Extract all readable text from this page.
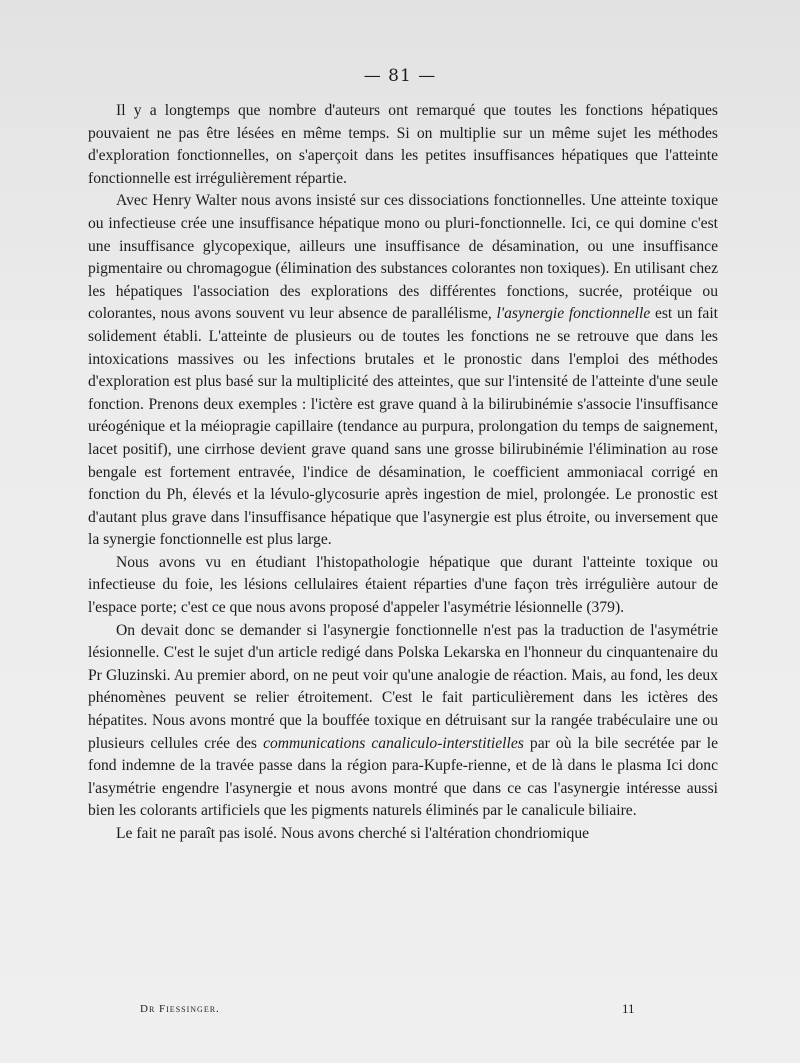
— 81 —

Il y a longtemps que nombre d'auteurs ont remarqué que toutes les fonctions hépatiques pouvaient ne pas être lésées en même temps. Si on multiplie sur un même sujet les méthodes d'exploration fonctionnelles, on s'aperçoit dans les petites insuffisances hépatiques que l'atteinte fonctionnelle est irrégulièrement répartie.

Avec Henry Walter nous avons insisté sur ces dissociations fonctionnelles. Une atteinte toxique ou infectieuse crée une insuffisance hépatique mono ou pluri-fonctionnelle. Ici, ce qui domine c'est une insuffisance glycopexique, ailleurs une insuffisance de désamination, ou une insuffisance pigmentaire ou chromagogue (élimination des substances colorantes non toxiques). En utilisant chez les hépatiques l'association des explorations des différentes fonctions, sucrée, protéique ou colorantes, nous avons souvent vu leur absence de parallélisme, l'asynergie fonctionnelle est un fait solidement établi. L'atteinte de plusieurs ou de toutes les fonctions ne se retrouve que dans les intoxications massives ou les infections brutales et le pronostic dans l'emploi des méthodes d'exploration est plus basé sur la multiplicité des atteintes, que sur l'intensité de l'atteinte d'une seule fonction. Prenons deux exemples : l'ictère est grave quand à la bilirubinémie s'associe l'insuffisance uréogénique et la méiopragie capillaire (tendance au purpura, prolongation du temps de saignement, lacet positif), une cirrhose devient grave quand sans une grosse bilirubinémie l'élimination au rose bengale est fortement entravée, l'indice de désamination, le coefficient ammoniacal corrigé en fonction du Ph, élevés et la lévulo-glycosurie après ingestion de miel, prolongée. Le pronostic est d'autant plus grave dans l'insuffisance hépatique que l'asynergie est plus étroite, ou inversement que la synergie fonctionnelle est plus large.

Nous avons vu en étudiant l'histopathologie hépatique que durant l'atteinte toxique ou infectieuse du foie, les lésions cellulaires étaient réparties d'une façon très irrégulière autour de l'espace porte; c'est ce que nous avons proposé d'appeler l'asymétrie lésionnelle (379).

On devait donc se demander si l'asynergie fonctionnelle n'est pas la traduction de l'asymétrie lésionnelle. C'est le sujet d'un article redigé dans Polska Lekarska en l'honneur du cinquantenaire du Pr Gluzinski. Au premier abord, on ne peut voir qu'une analogie de réaction. Mais, au fond, les deux phénomènes peuvent se relier étroitement. C'est le fait particulièrement dans les ictères des hépatites. Nous avons montré que la bouffée toxique en détruisant sur la rangée trabéculaire une ou plusieurs cellules crée des communications canaliculo-interstitielles par où la bile secrétée par le fond indemne de la travée passe dans la région para-Kupfe-rienne, et de là dans le plasma Ici donc l'asymétrie engendre l'asynergie et nous avons montré que dans ce cas l'asynergie intéresse aussi bien les colorants artificiels que les pigments naturels éliminés par le canalicule biliaire.

Le fait ne paraît pas isolé. Nous avons cherché si l'altération chondriomique

Dr Fiessinger.	11
